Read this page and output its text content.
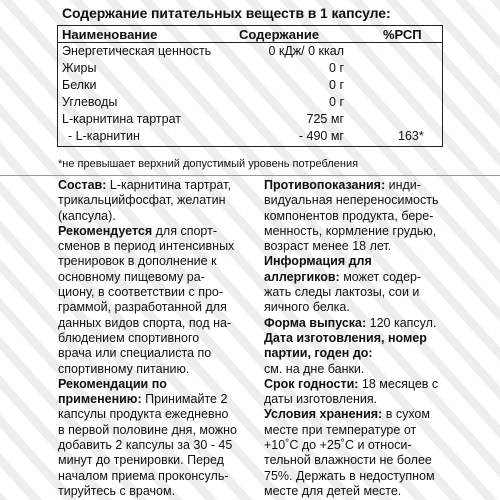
Содержание питательных веществ в 1 капсуле:
Наименование	Содержание	%РСП
Энергетическая ценность	0 кДж/ 0 ккал
Жиры	0 г
Белки	0 г
Углеводы	0 г
L-карнитина тартрат	725 мг
- L-карнитин	- 490 мг	163*
*не превышает верхний допустимый уровень потребления
Состав: L-карнитина тартрат,
трикальцийфосфат, желатин
(капсула).
Рекомендуется для спорт-
сменов в период интенсивных
тренировок в дополнение к
основному пищевому ра-
циону, в соответствии с про-
граммой, разработанной для
данных видов спорта, под на-
блюдением спортивного
врача или специалиста по
спортивному питанию.
Рекомендации по
применению: Принимайте 2
капсулы продукта ежедневно
в первой половине дня, можно
добавить 2 капсулы за 30 - 45
минут до тренировки. Перед
началом приема проконсуль-
тируйтесь с врачом.
Противопоказания: инди-
видуальная непереносимость
компонентов продукта, бере-
менность, кормление грудью,
возраст менее 18 лет.
Информация для
аллергиков: может содер-
жать следы лактозы, сои и
яичного белка.
Форма выпуска: 120 капсул.
Дата изготовления, номер
партии, годен до:
см. на дне банки.
Срок годности: 18 месяцев с
даты изготовления.
Условия хранения: в сухом
месте при температуре от
+10˚С до +25˚С и относи-
тельной влажности не более
75%. Держать в недоступном
месте для детей месте.
